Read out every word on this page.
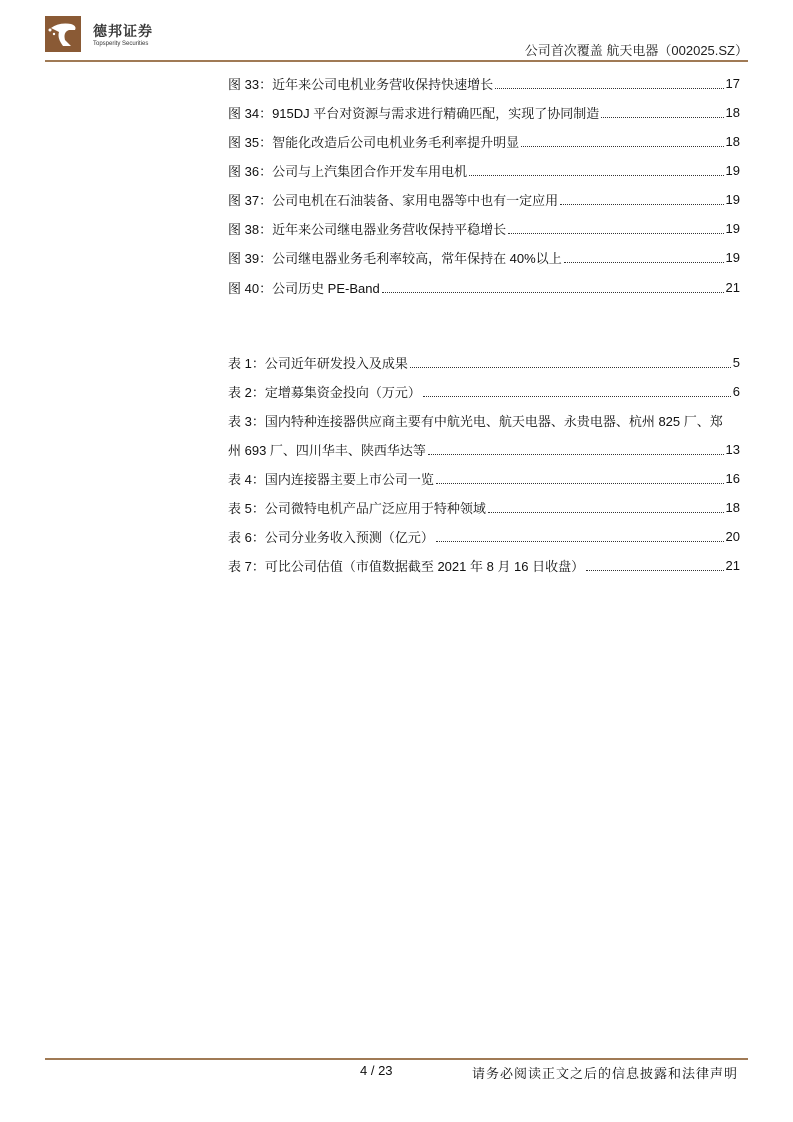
德邦证券
Topsperity Securities	公司首次覆盖 航天电器（002025.SZ）
图 33：近年来公司电机业务营收保持快速增长	17
图 34：915DJ 平台对资源与需求进行精确匹配，实现了协同制造	18
图 35：智能化改造后公司电机业务毛利率提升明显	18
图 36：公司与上汽集团合作开发车用电机	19
图 37：公司电机在石油装备、家用电器等中也有一定应用	19
图 38：近年来公司继电器业务营收保持平稳增长	19
图 39：公司继电器业务毛利率较高，常年保持在 40%以上	19
图 40：公司历史 PE-Band	21
表 1：公司近年研发投入及成果	5
表 2：定增募集资金投向（万元）	6
表 3：国内特种连接器供应商主要有中航光电、航天电器、永贵电器、杭州 825 厂、郑
州 693 厂、四川华丰、陕西华达等	13
表 4：国内连接器主要上市公司一览	16
表 5：公司微特电机产品广泛应用于特种领域	18
表 6：公司分业务收入预测（亿元）	20
表 7：可比公司估值（市值数据截至 2021 年 8 月 16 日收盘）	21
4 / 23	请务必阅读正文之后的信息披露和法律声明
